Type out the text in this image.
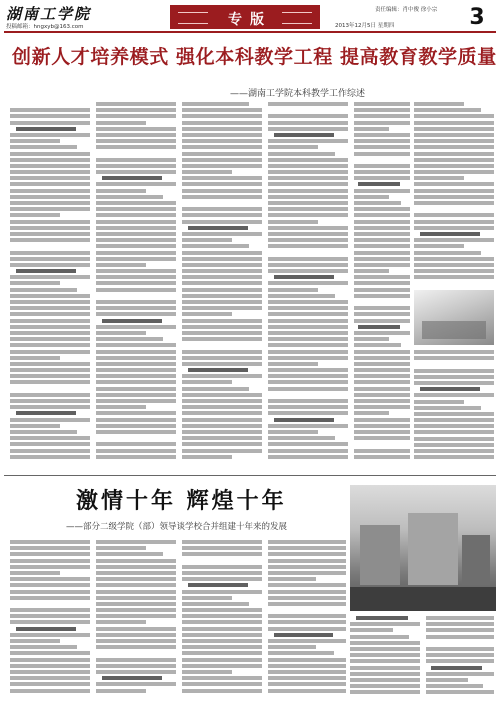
湖南工学院
投稿邮箱：hngxyb@163.com	专版
责任编辑：肖中俊 徐小宗
2013年12月5日 星期四	3
创新人才培养模式 强化本科教学工程 提高教育教学质量
——湖南工学院本科教学工作综述
激情十年 辉煌十年
——部分二级学院（部）领导谈学校合并组建十年来的发展
